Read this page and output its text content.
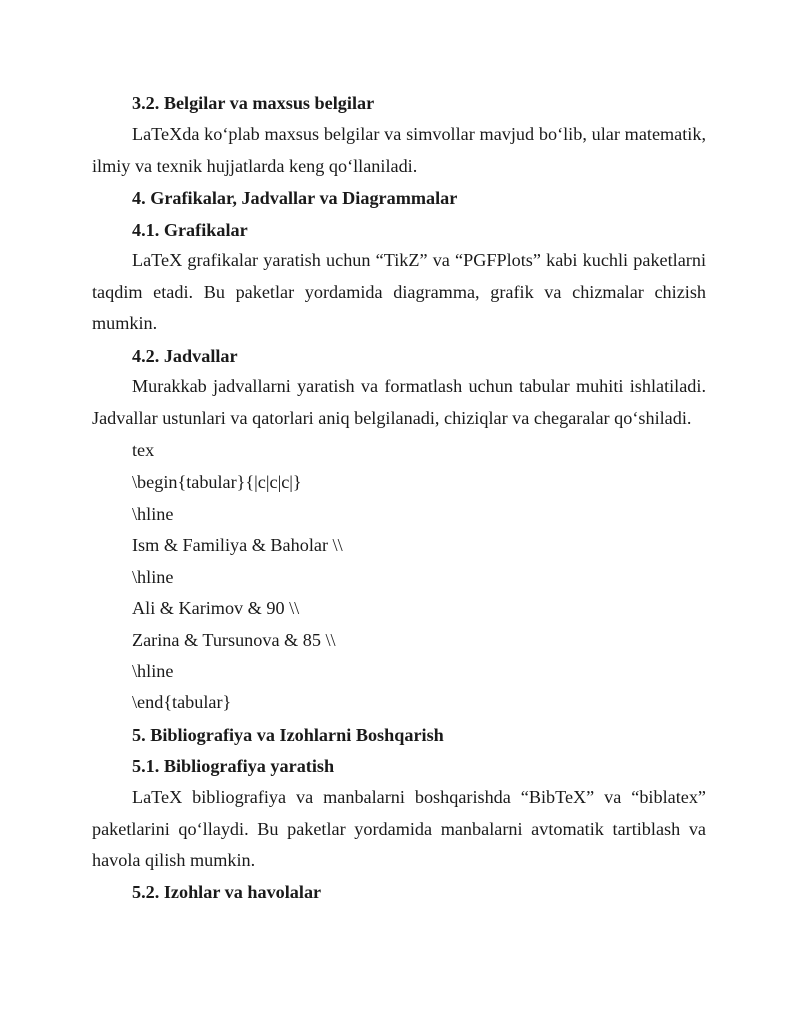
3.2. Belgilar va maxsus belgilar

LaTeXda ko‘plab maxsus belgilar va simvollar mavjud bo‘lib, ular matematik, ilmiy va texnik hujjatlarda keng qo‘llaniladi.

4. Grafikalar, Jadvallar va Diagrammalar
4.1. Grafikalar

LaTeX grafikalar yaratish uchun “TikZ” va “PGFPlots” kabi kuchli paketlarni taqdim etadi. Bu paketlar yordamida diagramma, grafik va chizmalar chizish mumkin.

4.2. Jadvallar

Murakkab jadvallarni yaratish va formatlash uchun tabular muhiti ishlatiladi. Jadvallar ustunlari va qatorlari aniq belgilanadi, chiziqlar va chegaralar qo‘shiladi.

tex
\begin{tabular}{|c|c|c|}
\hline
Ism & Familiya & Baholar \\
\hline
Ali & Karimov & 90 \\
Zarina & Tursunova & 85 \\
\hline
\end{tabular}
5. Bibliografiya va Izohlarni Boshqarish
5.1. Bibliografiya yaratish

LaTeX bibliografiya va manbalarni boshqarishda “BibTeX” va “biblatex” paketlarini qo‘llaydi. Bu paketlar yordamida manbalarni avtomatik tartiblash va havola qilish mumkin.

5.2. Izohlar va havolalar
